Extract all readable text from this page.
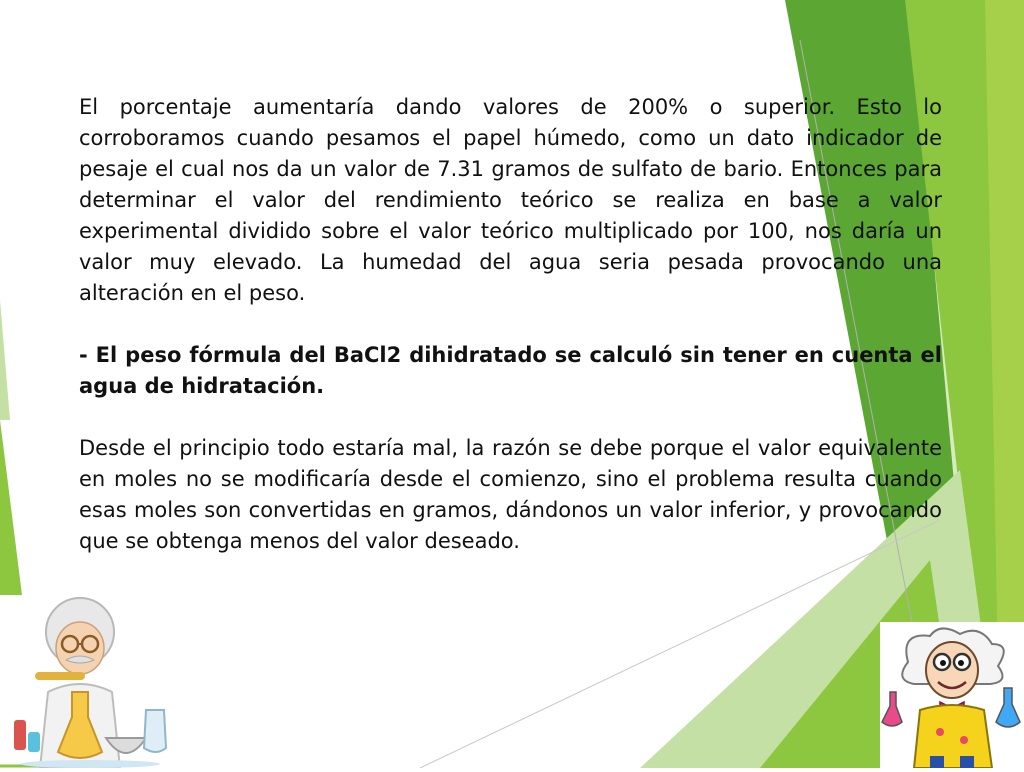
El porcentaje aumentaría dando valores de 200% o superior. Esto lo corroboramos cuando pesamos el papel húmedo, como un dato indicador de pesaje el cual nos da un valor de 7.31 gramos de sulfato de bario. Entonces para determinar el valor del rendimiento teórico se realiza en base a valor experimental dividido sobre el valor teórico multiplicado por 100, nos daría un valor muy elevado. La humedad del agua seria pesada provocando una alteración en el peso.

- El peso fórmula del BaCl2 dihidratado se calculó sin tener en cuenta el agua de hidratación.

Desde el principio todo estaría mal, la razón se debe porque el valor equivalente en moles no se modificaría desde el comienzo, sino el problema resulta cuando esas moles son convertidas en gramos, dándonos un valor inferior, y provocando que se obtenga menos del valor deseado.
